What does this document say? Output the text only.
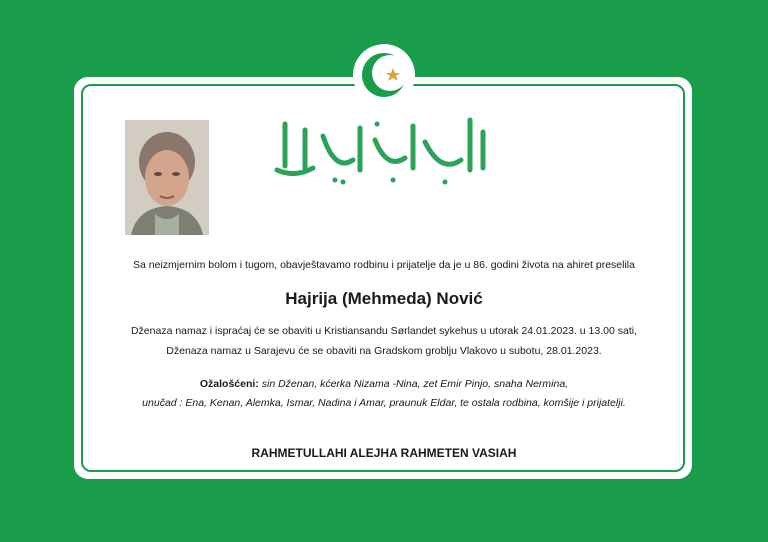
Sa neizmjernim bolom i tugom, obavještavamo rodbinu i prijatelje da je u 86. godini života na ahiret preselila
Hajrija (Mehmeda) Nović
Dženaza namaz i ispraćaj će se obaviti u Kristiansandu Sørlandet sykehus u utorak 24.01.2023. u 13.00 sati,
Dženaza namaz u Sarajevu će se obaviti na Gradskom groblju Vlakovo u subotu, 28.01.2023.
Ožalošćeni: sin Dženan, kćerka Nizama -Nina, zet Emir Pinjo, snaha Nermina,
unučad : Ena, Kenan, Alemka, Ismar, Nadina i Amar, praunuk Eldar, te ostala rodbina, komšije i prijatelji.
RAHMETULLAHI ALEJHA RAHMETEN VASIAH
